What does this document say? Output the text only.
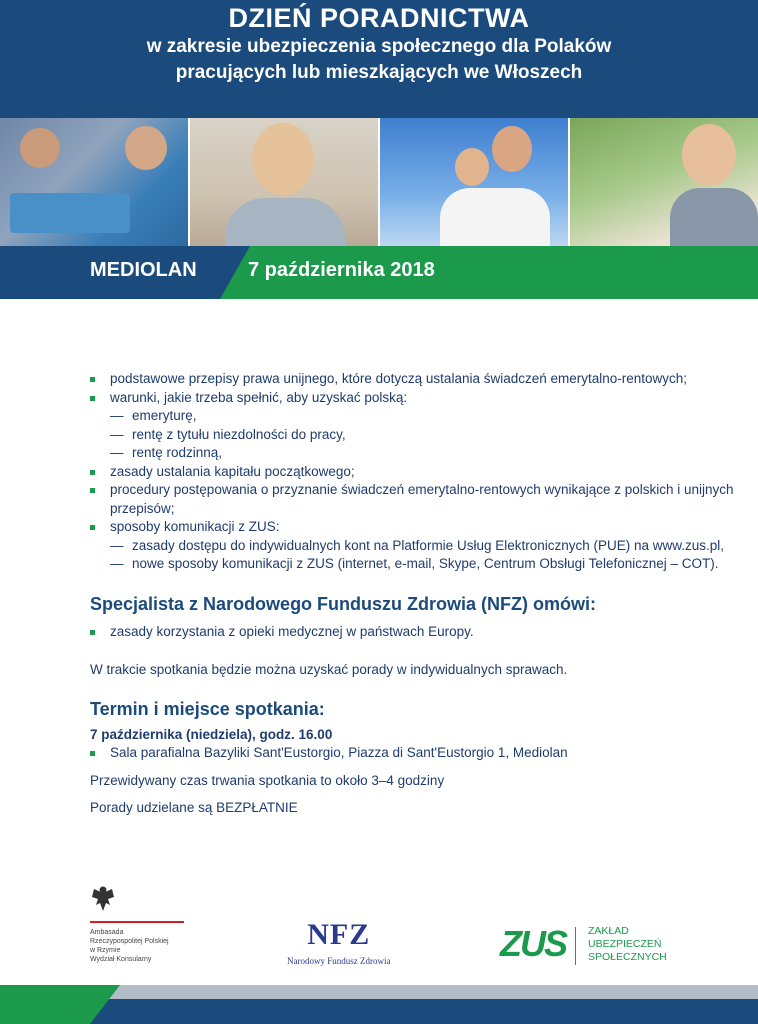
DZIEŃ PORADNICTWA
w zakresie ubezpieczenia społecznego dla Polaków
pracujących lub mieszkających we Włoszech
MEDIOLAN	7 października 2018
podstawowe przepisy prawa unijnego, które dotyczą ustalania świadczeń emerytalno-rentowych;
warunki, jakie trzeba spełnić, aby uzyskać polską:
— emeryturę,
— rentę z tytułu niezdolności do pracy,
— rentę rodzinną,
zasady ustalania kapitału początkowego;
procedury postępowania o przyznanie świadczeń emerytalno-rentowych wynikające z polskich i unijnych przepisów;
sposoby komunikacji z ZUS:
— zasady dostępu do indywidualnych kont na Platformie Usług Elektronicznych (PUE) na www.zus.pl,
— nowe sposoby komunikacji z ZUS (internet, e-mail, Skype, Centrum Obsługi Telefonicznej – COT).
Specjalista z Narodowego Funduszu Zdrowia (NFZ) omówi:
zasady korzystania z opieki medycznej w państwach Europy.
W trakcie spotkania będzie można uzyskać porady w indywidualnych sprawach.
Termin i miejsce spotkania:
7 października (niedziela), godz. 16.00
Sala parafialna Bazyliki Sant'Eustorgio, Piazza di Sant'Eustorgio 1, Mediolan
Przewidywany czas trwania spotkania to około 3–4 godziny
Porady udzielane są BEZPŁATNIE
Ambasada
Rzeczypospolitej Polskiej
w Rzymie
Wydział Konsularny
NFZ
Narodowy Fundusz Zdrowia	ZUS ZAKŁAD
UBEZPIECZEŃ
SPOŁECZNYCH
